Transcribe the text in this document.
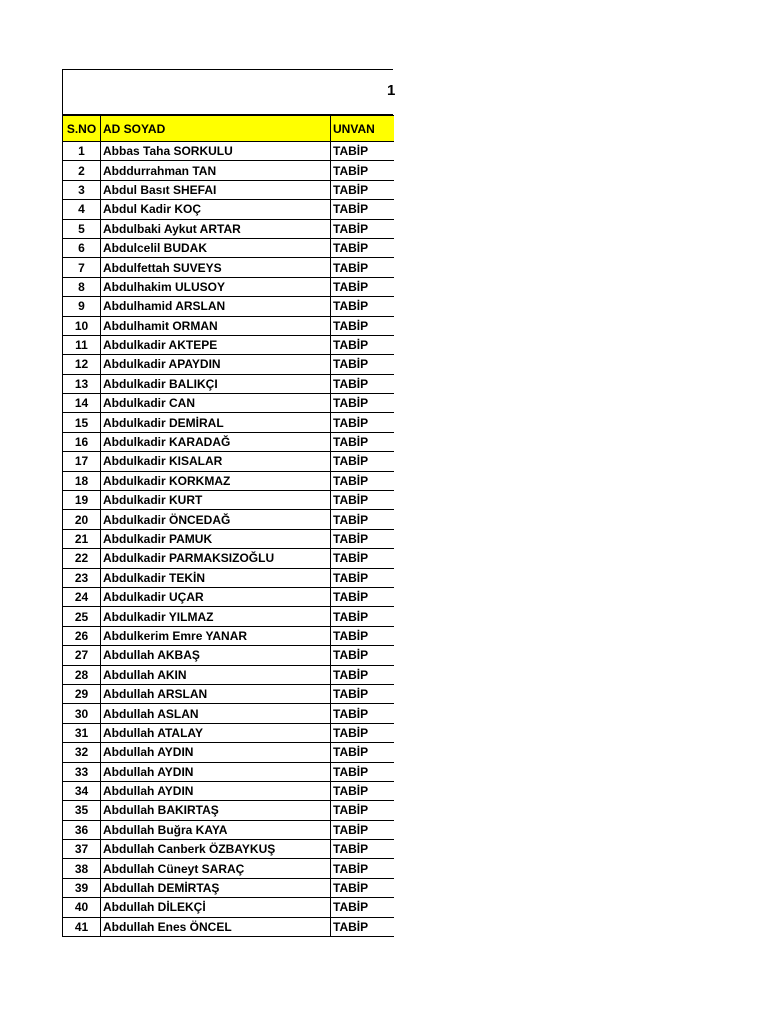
1
S.NO	AD SOYAD	UNVAN
1	Abbas Taha SORKULU	TABİP
2	Abddurrahman TAN	TABİP
3	Abdul Basıt SHEFAI	TABİP
4	Abdul Kadir KOÇ	TABİP
5	Abdulbaki Aykut ARTAR	TABİP
6	Abdulcelil BUDAK	TABİP
7	Abdulfettah SUVEYS	TABİP
8	Abdulhakim ULUSOY	TABİP
9	Abdulhamid ARSLAN	TABİP
10	Abdulhamit ORMAN	TABİP
11	Abdulkadir AKTEPE	TABİP
12	Abdulkadir APAYDIN	TABİP
13	Abdulkadir BALIKÇI	TABİP
14	Abdulkadir CAN	TABİP
15	Abdulkadir DEMİRAL	TABİP
16	Abdulkadir KARADAĞ	TABİP
17	Abdulkadir KISALAR	TABİP
18	Abdulkadir KORKMAZ	TABİP
19	Abdulkadir KURT	TABİP
20	Abdulkadir ÖNCEDAĞ	TABİP
21	Abdulkadir PAMUK	TABİP
22	Abdulkadir PARMAKSIZOĞLU	TABİP
23	Abdulkadir TEKİN	TABİP
24	Abdulkadir UÇAR	TABİP
25	Abdulkadir YILMAZ	TABİP
26	Abdulkerim Emre YANAR	TABİP
27	Abdullah AKBAŞ	TABİP
28	Abdullah AKIN	TABİP
29	Abdullah ARSLAN	TABİP
30	Abdullah ASLAN	TABİP
31	Abdullah ATALAY	TABİP
32	Abdullah AYDIN	TABİP
33	Abdullah AYDIN	TABİP
34	Abdullah AYDIN	TABİP
35	Abdullah BAKIRTAŞ	TABİP
36	Abdullah Buğra KAYA	TABİP
37	Abdullah Canberk ÖZBAYKUŞ	TABİP
38	Abdullah Cüneyt SARAÇ	TABİP
39	Abdullah DEMİRTAŞ	TABİP
40	Abdullah DİLEKÇİ	TABİP
41	Abdullah Enes ÖNCEL	TABİP
